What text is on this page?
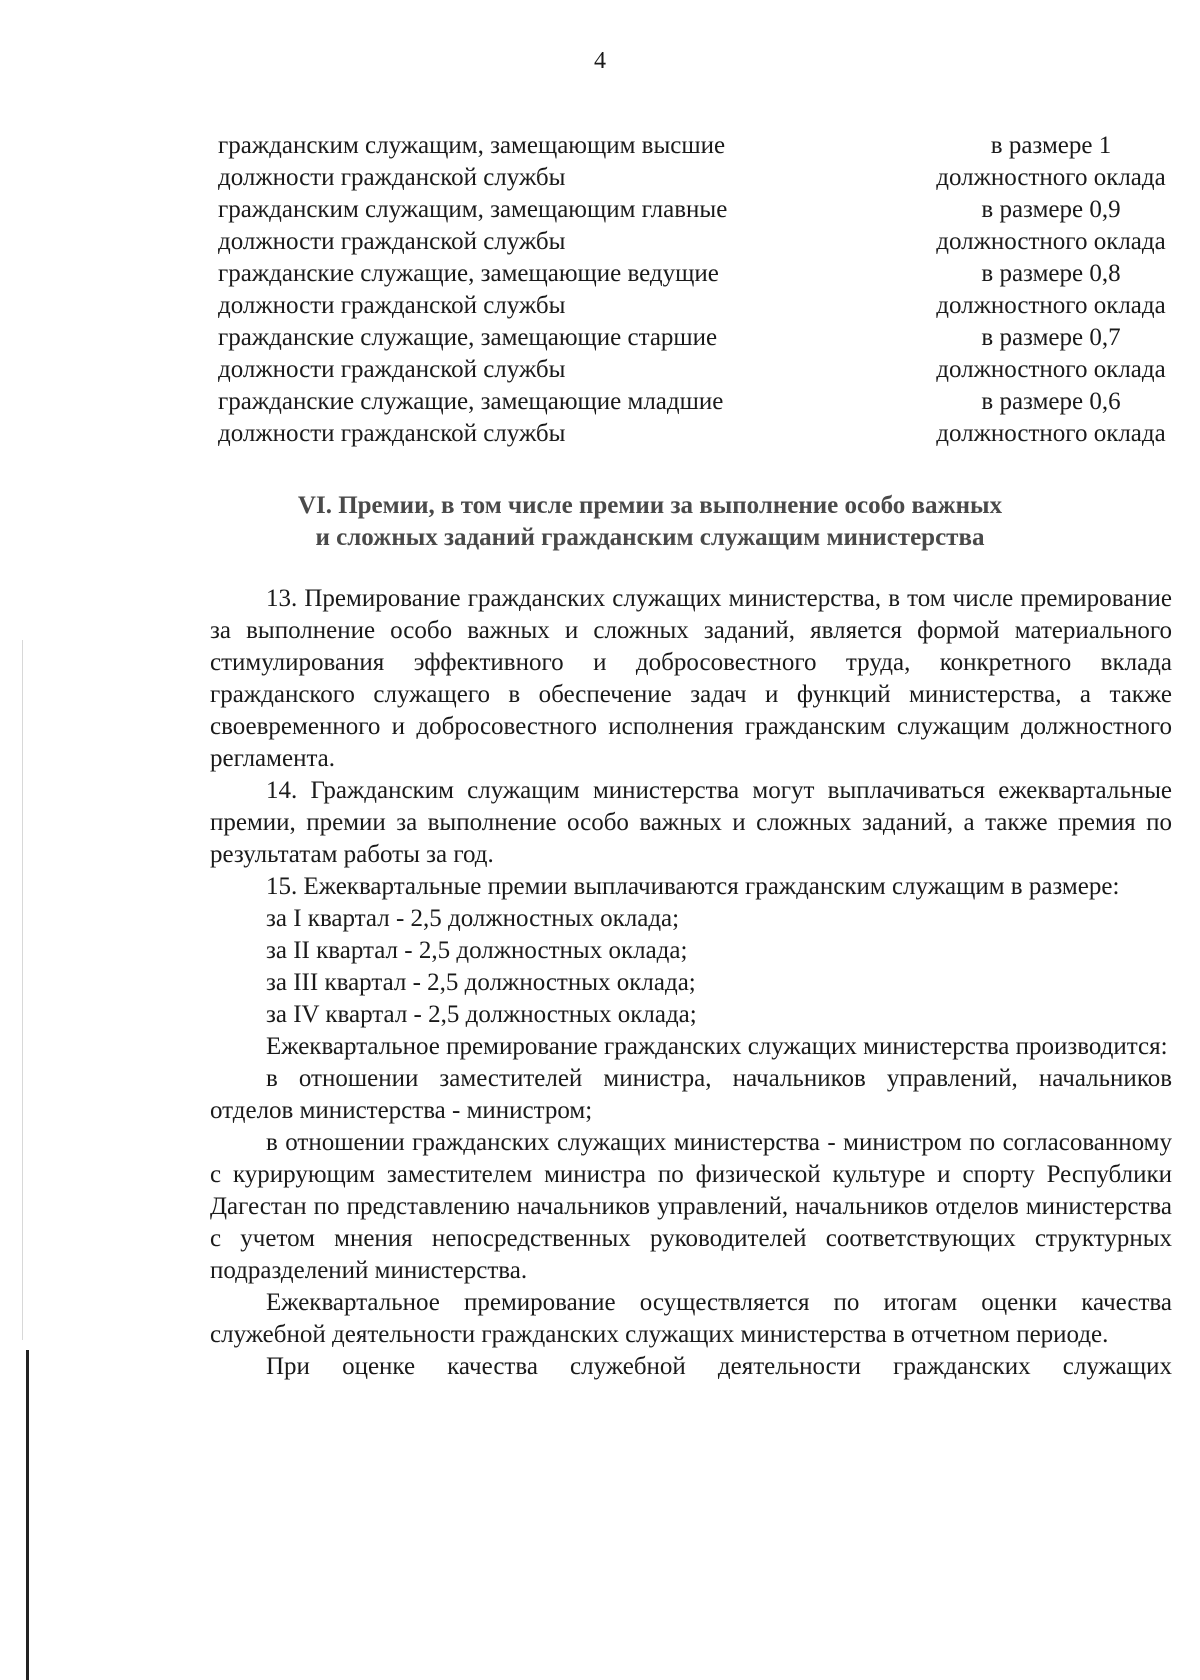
4
гражданским служащим, замещающим высшие	в размере 1
должности гражданской службы	должностного оклада
гражданским служащим, замещающим главные	в размере 0,9
должности гражданской службы	должностного оклада
гражданские служащие, замещающие ведущие	в размере 0,8
должности гражданской службы	должностного оклада
гражданские служащие, замещающие старшие	в размере 0,7
должности гражданской службы	должностного оклада
гражданские служащие, замещающие младшие	в размере 0,6
должности гражданской службы	должностного оклада
VI. Премии, в том числе премии за выполнение особо важных
и сложных заданий гражданским служащим министерства

13. Премирование гражданских служащих министерства, в том числе премирование за выполнение особо важных и сложных заданий, является формой материального стимулирования эффективного и добросовестного труда, конкретного вклада гражданского служащего в обеспечение задач и функций министерства, а также своевременного и добросовестного исполнения гражданским служащим должностного регламента.

14. Гражданским служащим министерства могут выплачиваться ежеквартальные премии, премии за выполнение особо важных и сложных заданий, а также премия по результатам работы за год.

15. Ежеквартальные премии выплачиваются гражданским служащим в размере:

за I квартал - 2,5 должностных оклада;

за II квартал - 2,5 должностных оклада;

за III квартал - 2,5 должностных оклада;

за IV квартал - 2,5 должностных оклада;

Ежеквартальное премирование гражданских служащих министерства производится:

в отношении заместителей министра, начальников управлений, начальников отделов министерства - министром;

в отношении гражданских служащих министерства - министром по согласованному с курирующим заместителем министра по физической культуре и спорту Республики Дагестан по представлению начальников управлений, начальников отделов министерства с учетом мнения непосредственных руководителей соответствующих структурных подразделений министерства.

Ежеквартальное премирование осуществляется по итогам оценки качества служебной деятельности гражданских служащих министерства в отчетном периоде.

При оценке качества служебной деятельности гражданских служащих
